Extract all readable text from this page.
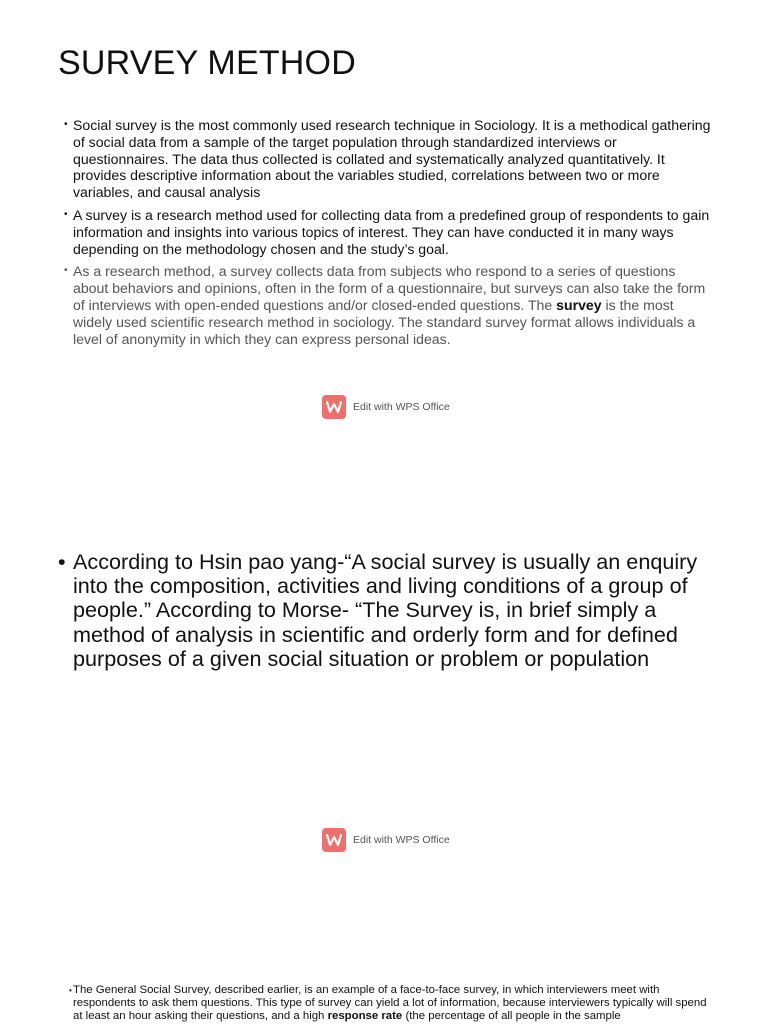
SURVEY METHOD
• Social survey is the most commonly used research technique in Sociology. It is a methodical gathering of social data from a sample of the target population through standardized interviews or questionnaires. The data thus collected is collated and systematically analyzed quantitatively. It provides descriptive information about the variables studied, correlations between two or more variables, and causal analysis
• A survey is a research method used for collecting data from a predefined group of respondents to gain information and insights into various topics of interest. They can have conducted it in many ways depending on the methodology chosen and the study’s goal.
• As a research method, a survey collects data from subjects who respond to a series of questions about behaviors and opinions, often in the form of a questionnaire, but surveys can also take the form of interviews with open-ended questions and/or closed-ended questions. The survey is the most widely used scientific research method in sociology. The standard survey format allows individuals a level of anonymity in which they can express personal ideas.
Edit with WPS Office
• According to Hsin pao yang-“A social survey is usually an enquiry into the composition, activities and living conditions of a group of people.” According to Morse- “The Survey is, in brief simply a method of analysis in scientific and orderly form and for defined purposes of a given social situation or problem or population
Edit with WPS Office
• The General Social Survey, described earlier, is an example of a face-to-face survey, in which interviewers meet with respondents to ask them questions. This type of survey can yield a lot of information, because interviewers typically will spend at least an hour asking their questions, and a high response rate (the percentage of all people in the sample
